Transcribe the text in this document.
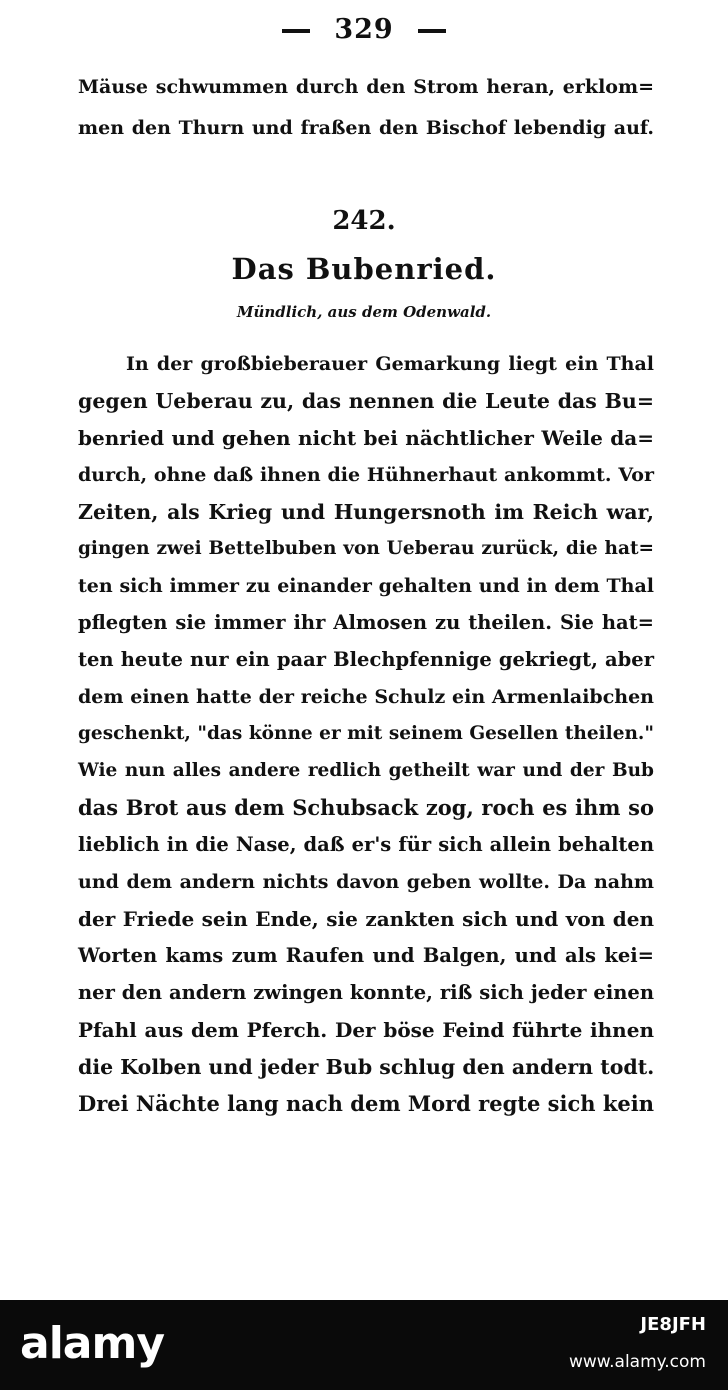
329
Mäuse schwummen durch den Strom heran, erklom=
men den Thurn und fraßen den Bischof lebendig auf.
242.
Das Bubenried.
Mündlich, aus dem Odenwald.
In der großbieberauer Gemarkung liegt ein Thal
gegen Ueberau zu, das nennen die Leute das Bu=
benried und gehen nicht bei nächtlicher Weile da=
durch, ohne daß ihnen die Hühnerhaut ankommt. Vor
Zeiten, als Krieg und Hungersnoth im Reich war,
gingen zwei Bettelbuben von Ueberau zurück, die hat=
ten sich immer zu einander gehalten und in dem Thal
pflegten sie immer ihr Almosen zu theilen. Sie hat=
ten heute nur ein paar Blechpfennige gekriegt, aber
dem einen hatte der reiche Schulz ein Armenlaibchen
geschenkt, "das könne er mit seinem Gesellen theilen."
Wie nun alles andere redlich getheilt war und der Bub
das Brot aus dem Schubsack zog, roch es ihm so
lieblich in die Nase, daß er's für sich allein behalten
und dem andern nichts davon geben wollte. Da nahm
der Friede sein Ende, sie zankten sich und von den
Worten kams zum Raufen und Balgen, und als kei=
ner den andern zwingen konnte, riß sich jeder einen
Pfahl aus dem Pferch. Der böse Feind führte ihnen
die Kolben und jeder Bub schlug den andern todt.
Drei Nächte lang nach dem Mord regte sich kein
alamy	JE8JFH
www.alamy.com
